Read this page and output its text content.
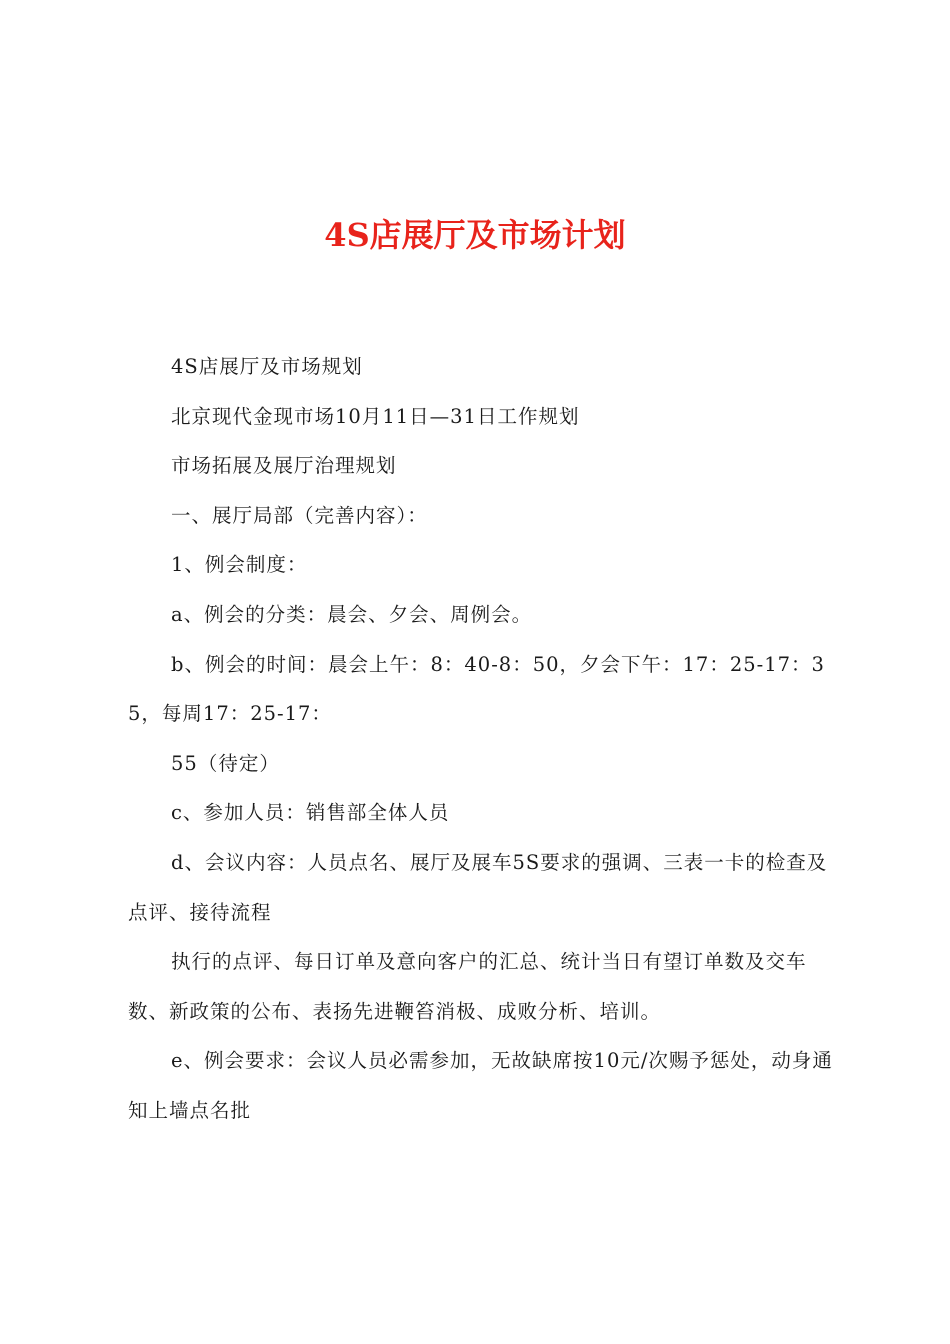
4S店展厅及市场计划

4S店展厅及市场规划

北京现代金现市场10月11日—31日工作规划

市场拓展及展厅治理规划

一、展厅局部（完善内容）：

1、例会制度：

a、例会的分类：晨会、夕会、周例会。

b、例会的时间：晨会上午：8：40-8：50，夕会下午：17：25-17：35，每周17：25-17：

55（待定）

c、参加人员：销售部全体人员

d、会议内容：人员点名、展厅及展车5S要求的强调、三表一卡的检查及点评、接待流程

执行的点评、每日订单及意向客户的汇总、统计当日有望订单数及交车数、新政策的公布、表扬先进鞭笞消极、成败分析、培训。

e、例会要求：会议人员必需参加，无故缺席按10元/次赐予惩处，动身通知上墙点名批
